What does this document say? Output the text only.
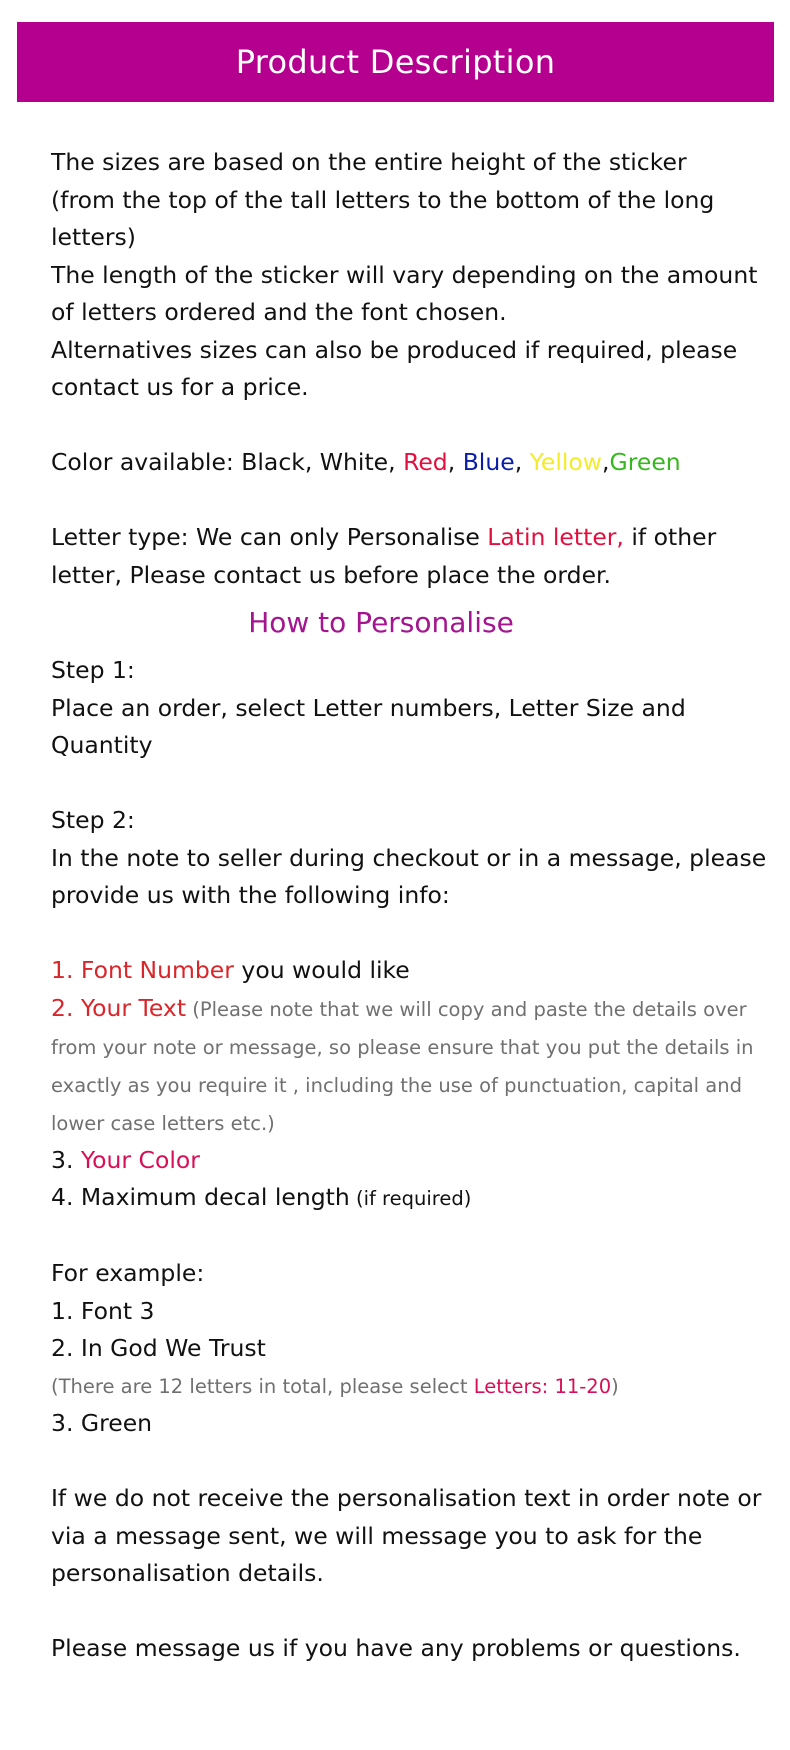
Product Description

The sizes are based on the entire height of the sticker

(from the top of the tall letters to the bottom of the long letters)

The length of the sticker will vary depending on the amount of letters ordered and the font chosen.

Alternatives sizes can also be produced if required, please contact us for a price.

Color available: Black, White, Red, Blue, Yellow,Green

Letter type: We can only Personalise Latin letter, if other letter, Please contact us before place the order.

How to Personalise

Step 1:

Place an order, select Letter numbers, Letter Size and Quantity

Step 2:

In the note to seller during checkout or in a message, please provide us with the following info:

1. Font Number you would like

2. Your Text (Please note that we will copy and paste the details over from your note or message, so please ensure that you put the details in exactly as you require it , including the use of punctuation, capital and lower case letters etc.)

3. Your Color

4. Maximum decal length (if required)

For example:

1. Font 3

2. In God We Trust

(There are 12 letters in total, please select Letters: 11-20)

3. Green

If we do not receive the personalisation text in order note or via a message sent, we will message you to ask for the personalisation details.

Please message us if you have any problems or questions.
